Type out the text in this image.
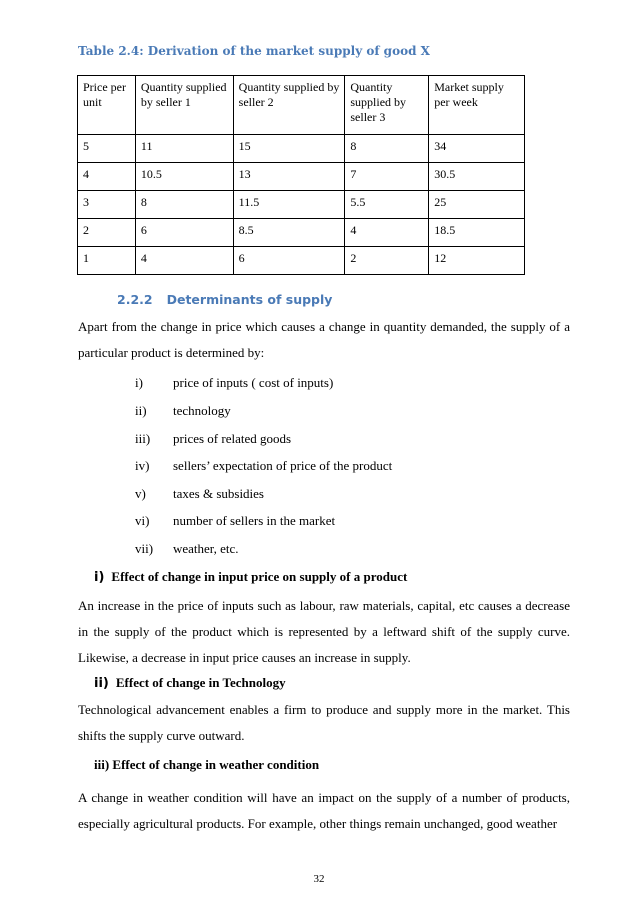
Table 2.4: Derivation of the market supply of good X
Price per unit	Quantity supplied by seller 1	Quantity supplied by seller 2	Quantity supplied by seller 3	Market supply per week
5	11	15	8	34
4	10.5	13	7	30.5
3	8	11.5	5.5	25
2	6	8.5	4	18.5
1	4	6	2	12
2.2.2 Determinants of supply
Apart from the change in price which causes a change in quantity demanded, the supply of a particular product is determined by:
i) price of inputs ( cost of inputs)
ii) technology
iii) prices of related goods
iv) sellers’ expectation of price of the product
v) taxes & subsidies
vi) number of sellers in the market
vii) weather, etc.
i) Effect of change in input price on supply of a product
An increase in the price of inputs such as labour, raw materials, capital, etc causes a decrease in the supply of the product which is represented by a leftward shift of the supply curve. Likewise, a decrease in input price causes an increase in supply.
ii) Effect of change in Technology
Technological advancement enables a firm to produce and supply more in the market. This shifts the supply curve outward.
iii) Effect of change in weather condition
A change in weather condition will have an impact on the supply of a number of products, especially agricultural products. For example, other things remain unchanged, good weather
32
